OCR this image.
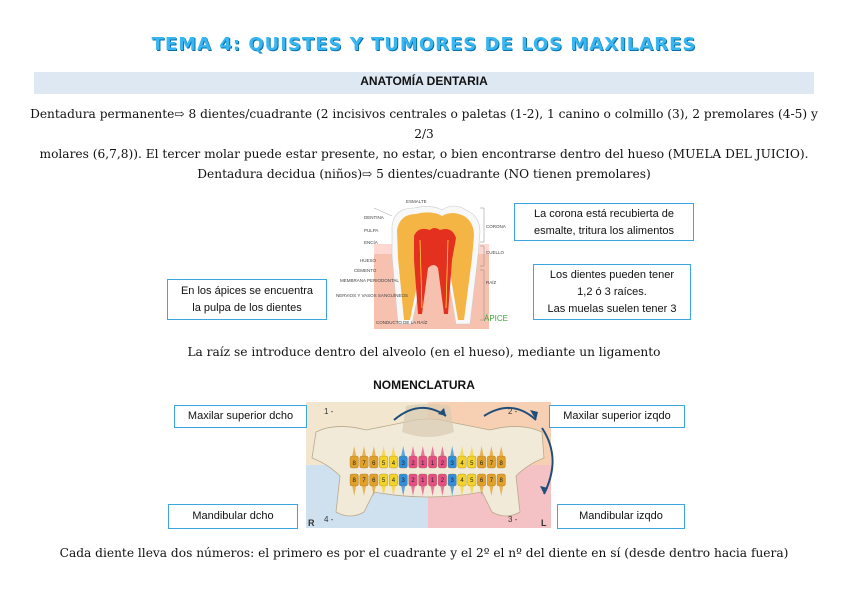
TEMA 4: QUISTES Y TUMORES DE LOS MAXILARES
ANATOMÍA DENTARIA
Dentadura permanente⇨ 8 dientes/cuadrante (2 incisivos centrales o paletas (1-2), 1 canino o colmillo (3), 2 premolares (4-5) y 2/3
molares (6,7,8)). El tercer molar puede estar presente, no estar, o bien encontrarse dentro del hueso (MUELA DEL JUICIO).
Dentadura decidua (niños)⇨ 5 dientes/cuadrante (NO tienen premolares)
ESMALTE
DENTINA
PULPA
ENCÍA
HUESO
CEMENTO
MEMBRANA PERIODONTAL
NERVIOS Y VASOS SANGUÍNEOS
CONDUCTO DE LA RAÍZ
CORONA
CUELLO
RAÍZ
ÁPICE
La corona está recubierta de
esmalte, tritura los alimentos
En los ápices se encuentra
la pulpa de los dientes
Los dientes pueden tener
1,2 ó 3 raíces.
Las muelas suelen tener 3
La raíz se introduce dentro del alveolo (en el hueso), mediante un ligamento
NOMENCLATURA
1 -	2 -
3 -
4 -
R	L
8 7 6 5 4 3 2 1 1 2 3 4 5 6 7 8
8 7 6 5 4 3 2 1 1 2 3 4 5 6 7 8
Maxilar superior dcho	Maxilar superior izqdo
Mandibular dcho	Mandibular izqdo
Cada diente lleva dos números: el primero es por el cuadrante y el 2º el nº del diente en sí (desde dentro hacia fuera)
